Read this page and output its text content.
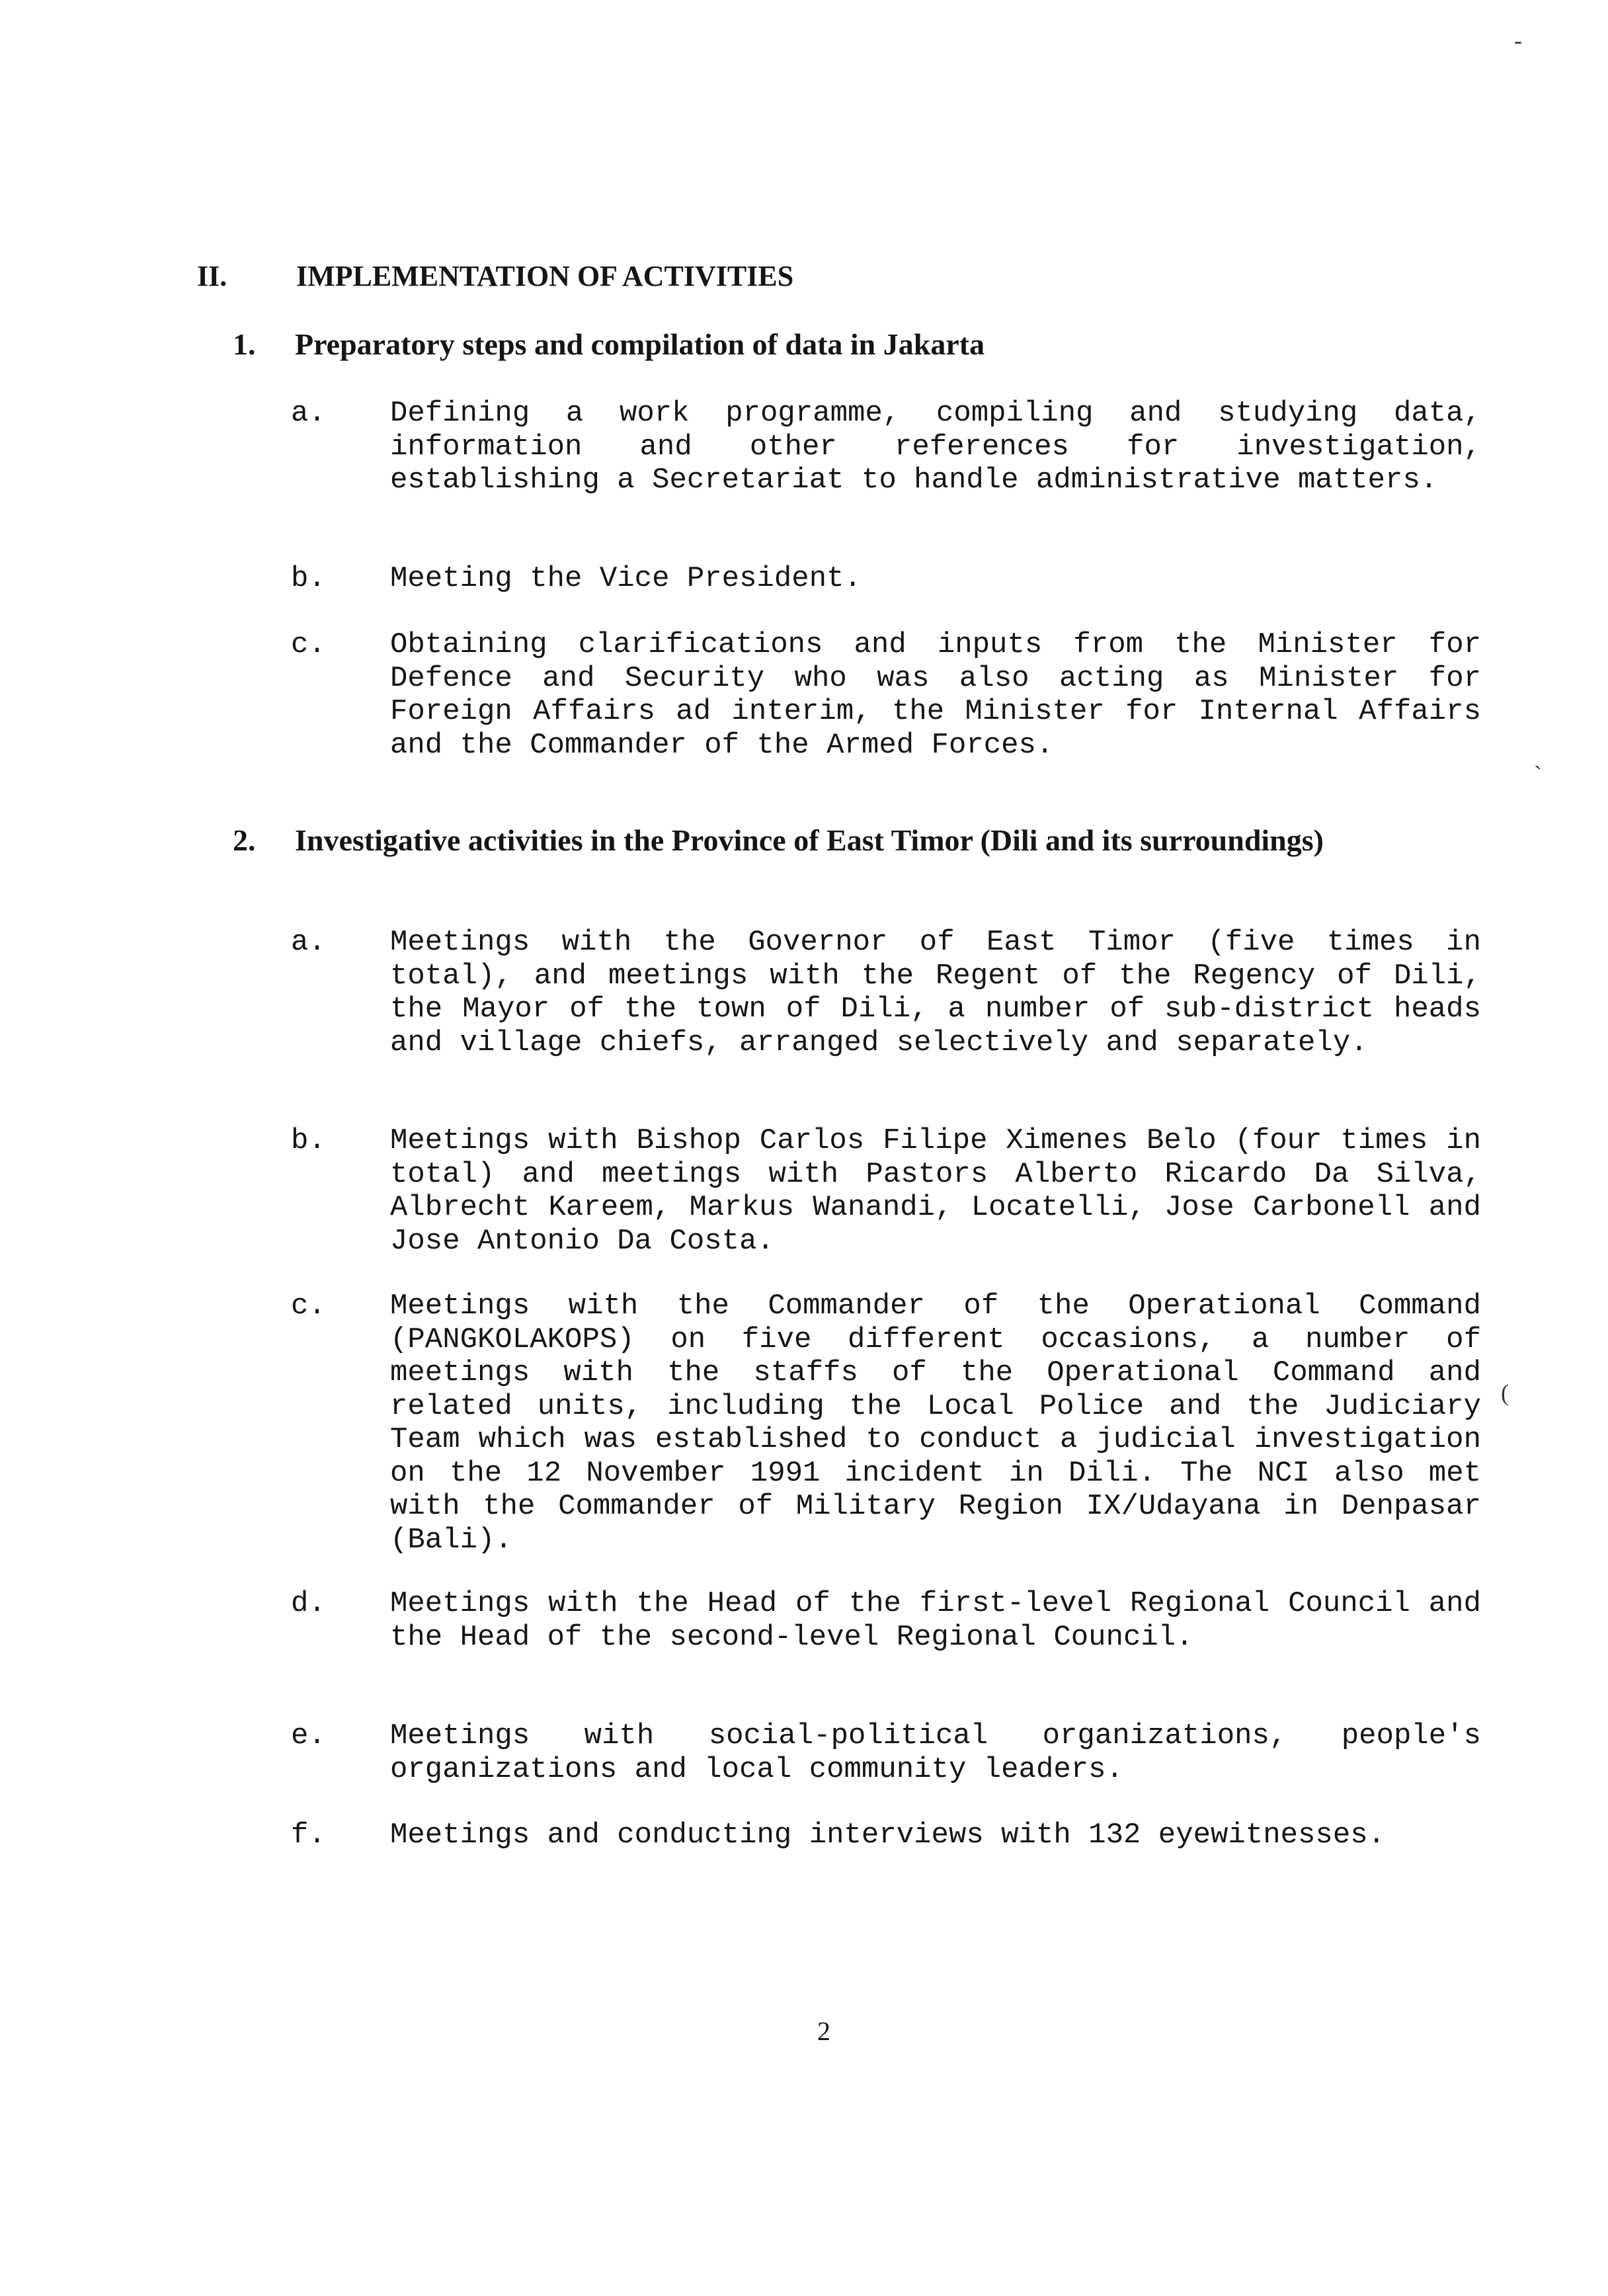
II. IMPLEMENTATION OF ACTIVITIES
1. Preparatory steps and compilation of data in Jakarta
a. Defining a work programme, compiling and studying data, information and other references for investigation, establishing a Secretariat to handle administrative matters.
b. Meeting the Vice President.
c. Obtaining clarifications and inputs from the Minister for Defence and Security who was also acting as Minister for Foreign Affairs ad interim, the Minister for Internal Affairs and the Commander of the Armed Forces.
2. Investigative activities in the Province of East Timor (Dili and its surroundings)
a. Meetings with the Governor of East Timor (five times in total), and meetings with the Regent of the Regency of Dili, the Mayor of the town of Dili, a number of sub-district heads and village chiefs, arranged selectively and separately.
b. Meetings with Bishop Carlos Filipe Ximenes Belo (four times in total) and meetings with Pastors Alberto Ricardo Da Silva, Albrecht Kareem, Markus Wanandi, Locatelli, Jose Carbonell and Jose Antonio Da Costa.
c. Meetings with the Commander of the Operational Command (PANGKOLAKOPS) on five different occasions, a number of meetings with the staffs of the Operational Command and related units, including the Local Police and the Judiciary Team which was established to conduct a judicial investigation on the 12 November 1991 incident in Dili. The NCI also met with the Commander of Military Region IX/Udayana in Denpasar (Bali).
d. Meetings with the Head of the first-level Regional Council and the Head of the second-level Regional Council.
e. Meetings with social-political organizations, people's organizations and local community leaders.
f. Meetings and conducting interviews with 132 eyewitnesses.
2
-
`
(
